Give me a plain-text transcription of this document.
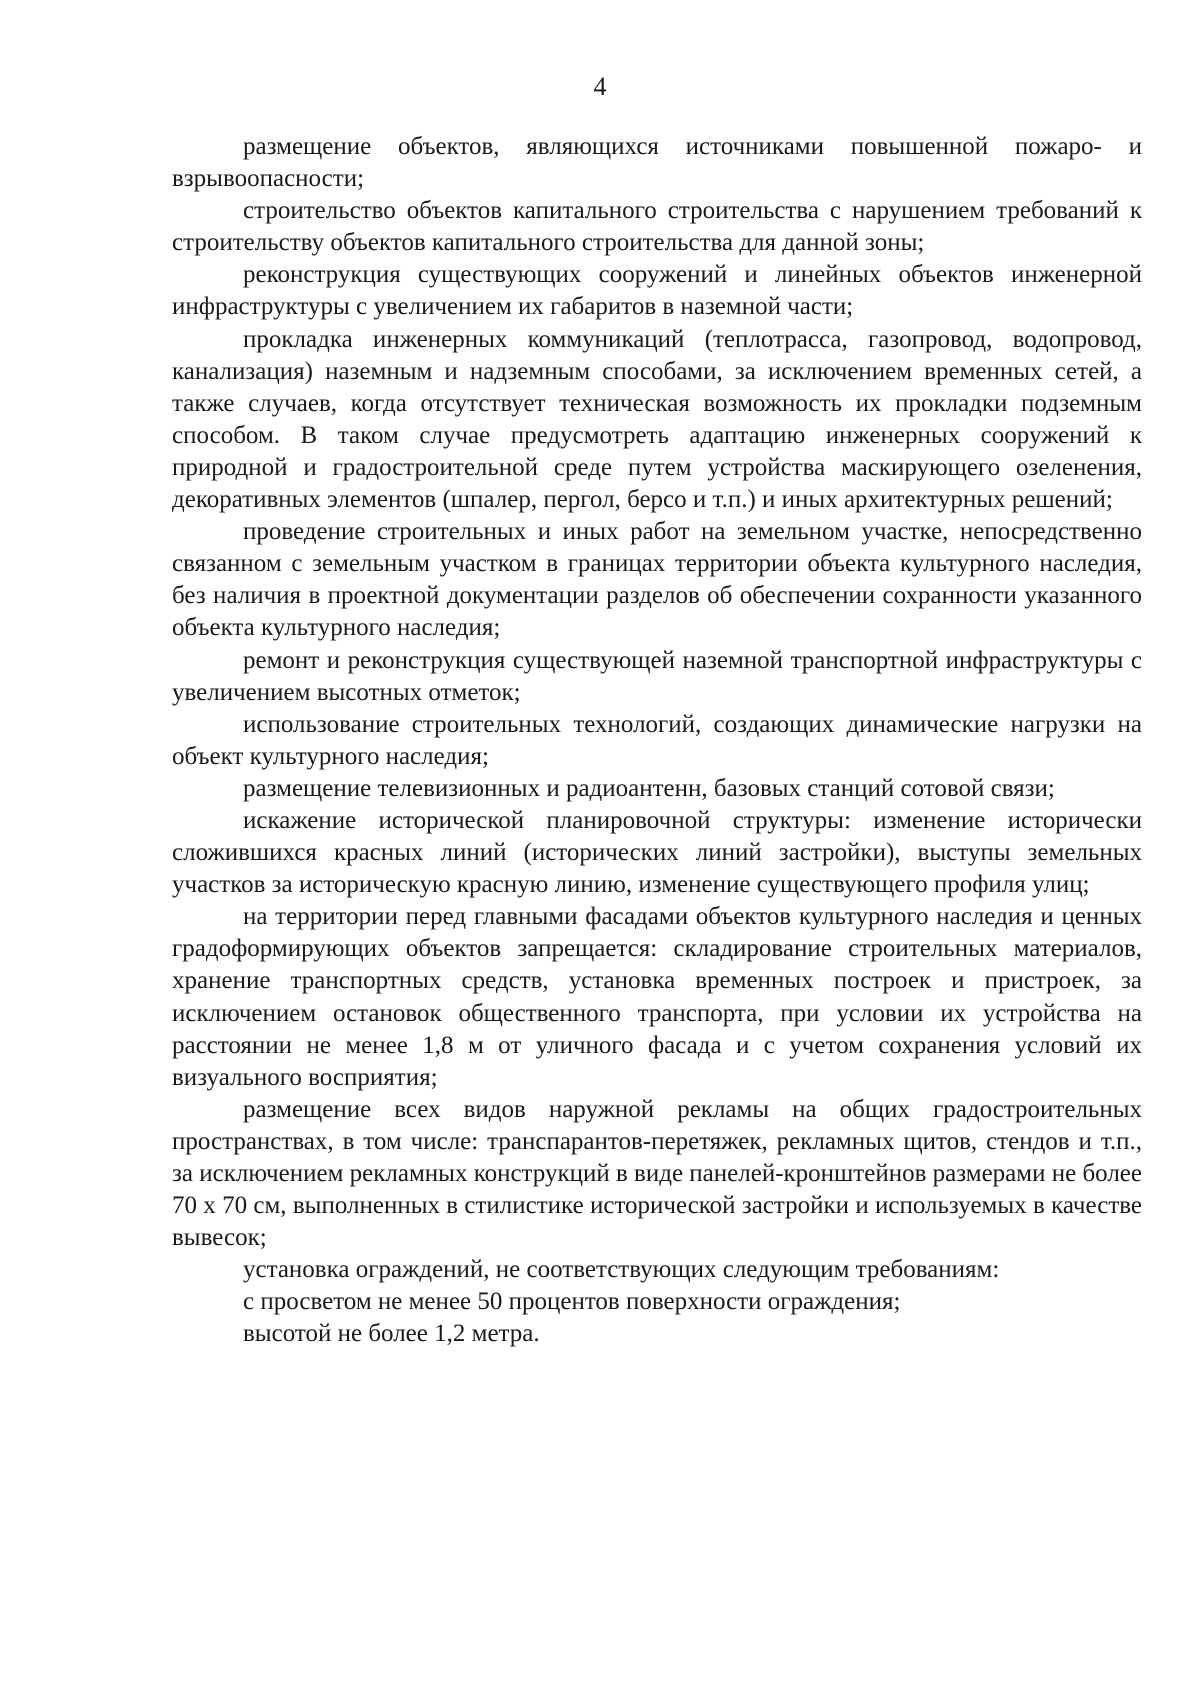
4

размещение объектов, являющихся источниками повышенной пожаро- и взрывоопасности;

строительство объектов капитального строительства с нарушением требований к строительству объектов капитального строительства для данной зоны;

реконструкция существующих сооружений и линейных объектов инженерной инфраструктуры с увеличением их габаритов в наземной части;

прокладка инженерных коммуникаций (теплотрасса, газопровод, водопровод, канализация) наземным и надземным способами, за исключением временных сетей, а также случаев, когда отсутствует техническая возможность их прокладки подземным способом. В таком случае предусмотреть адаптацию инженерных сооружений к природной и градостроительной среде путем устройства маскирующего озеленения, декоративных элементов (шпалер, пергол, берсо и т.п.) и иных архитектурных решений;

проведение строительных и иных работ на земельном участке, непосредственно связанном с земельным участком в границах территории объекта культурного наследия, без наличия в проектной документации разделов об обеспечении сохранности указанного объекта культурного наследия;

ремонт и реконструкция существующей наземной транспортной инфраструктуры с увеличением высотных отметок;

использование строительных технологий, создающих динамические нагрузки на объект культурного наследия;

размещение телевизионных и радиоантенн, базовых станций сотовой связи;

искажение исторической планировочной структуры: изменение исторически сложившихся красных линий (исторических линий застройки), выступы земельных участков за историческую красную линию, изменение существующего профиля улиц;

на территории перед главными фасадами объектов культурного наследия и ценных градоформирующих объектов запрещается: складирование строительных материалов, хранение транспортных средств, установка временных построек и пристроек, за исключением остановок общественного транспорта, при условии их устройства на расстоянии не менее 1,8 м от уличного фасада и с учетом сохранения условий их визуального восприятия;

размещение всех видов наружной рекламы на общих градостроительных пространствах, в том числе: транспарантов-перетяжек, рекламных щитов, стендов и т.п., за исключением рекламных конструкций в виде панелей-кронштейнов размерами не более 70 х 70 см, выполненных в стилистике исторической застройки и используемых в качестве вывесок;

установка ограждений, не соответствующих следующим требованиям:

с просветом не менее 50 процентов поверхности ограждения;

высотой не более 1,2 метра.
